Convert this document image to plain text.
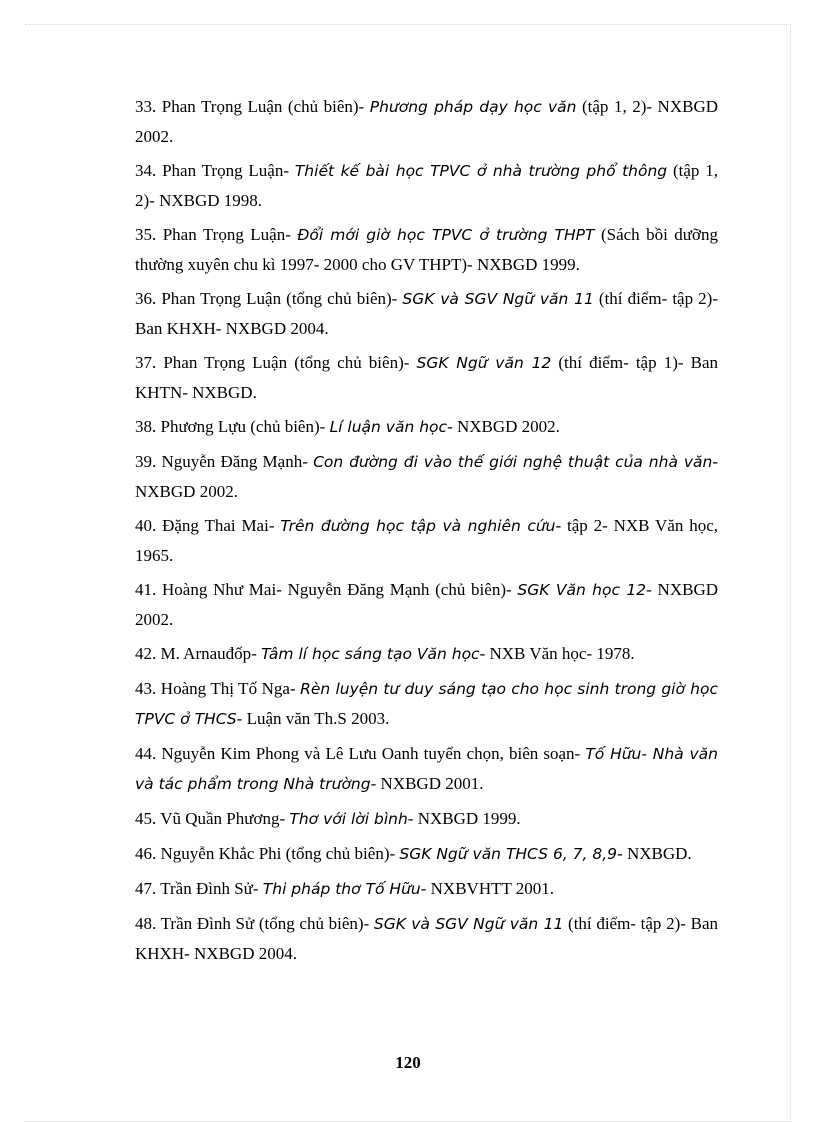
33. Phan Trọng Luận (chủ biên)- Phương pháp dạy học văn (tập 1, 2)- NXBGD 2002.

34. Phan Trọng Luận- Thiết kế bài học TPVC ở nhà trường phổ thông (tập 1, 2)- NXBGD 1998.

35. Phan Trọng Luận- Đổi mới giờ học TPVC ở trường THPT (Sách bồi dưỡng thường xuyên chu kì 1997- 2000 cho GV THPT)- NXBGD 1999.

36. Phan Trọng Luận (tổng chủ biên)- SGK và SGV Ngữ văn 11 (thí điểm- tập 2)- Ban KHXH- NXBGD 2004.

37. Phan Trọng Luận (tổng chủ biên)- SGK Ngữ văn 12 (thí điểm- tập 1)- Ban KHTN- NXBGD.

38. Phương Lựu (chủ biên)- Lí luận văn học- NXBGD 2002.

39. Nguyễn Đăng Mạnh- Con đường đi vào thế giới nghệ thuật của nhà văn- NXBGD 2002.

40. Đặng Thai Mai- Trên đường học tập và nghiên cứu- tập 2- NXB Văn học, 1965.

41. Hoàng Như Mai- Nguyễn Đăng Mạnh (chủ biên)- SGK Văn học 12- NXBGD 2002.

42. M. Arnauđốp- Tâm lí học sáng tạo Văn học- NXB Văn học- 1978.

43. Hoàng Thị Tố Nga- Rèn luyện tư duy sáng tạo cho học sinh trong giờ học TPVC ở THCS- Luận văn Th.S 2003.

44. Nguyễn Kim Phong và Lê Lưu Oanh tuyển chọn, biên soạn- Tố Hữu- Nhà văn và tác phẩm trong Nhà trường- NXBGD 2001.

45. Vũ Quần Phương- Thơ với lời bình- NXBGD 1999.

46. Nguyễn Khắc Phi (tổng chủ biên)- SGK Ngữ văn THCS 6, 7, 8,9- NXBGD.

47. Trần Đình Sử- Thi pháp thơ Tố Hữu- NXBVHTT 2001.

48. Trần Đình Sử (tổng chủ biên)- SGK và SGV Ngữ văn 11 (thí điểm- tập 2)- Ban KHXH- NXBGD 2004.

120
